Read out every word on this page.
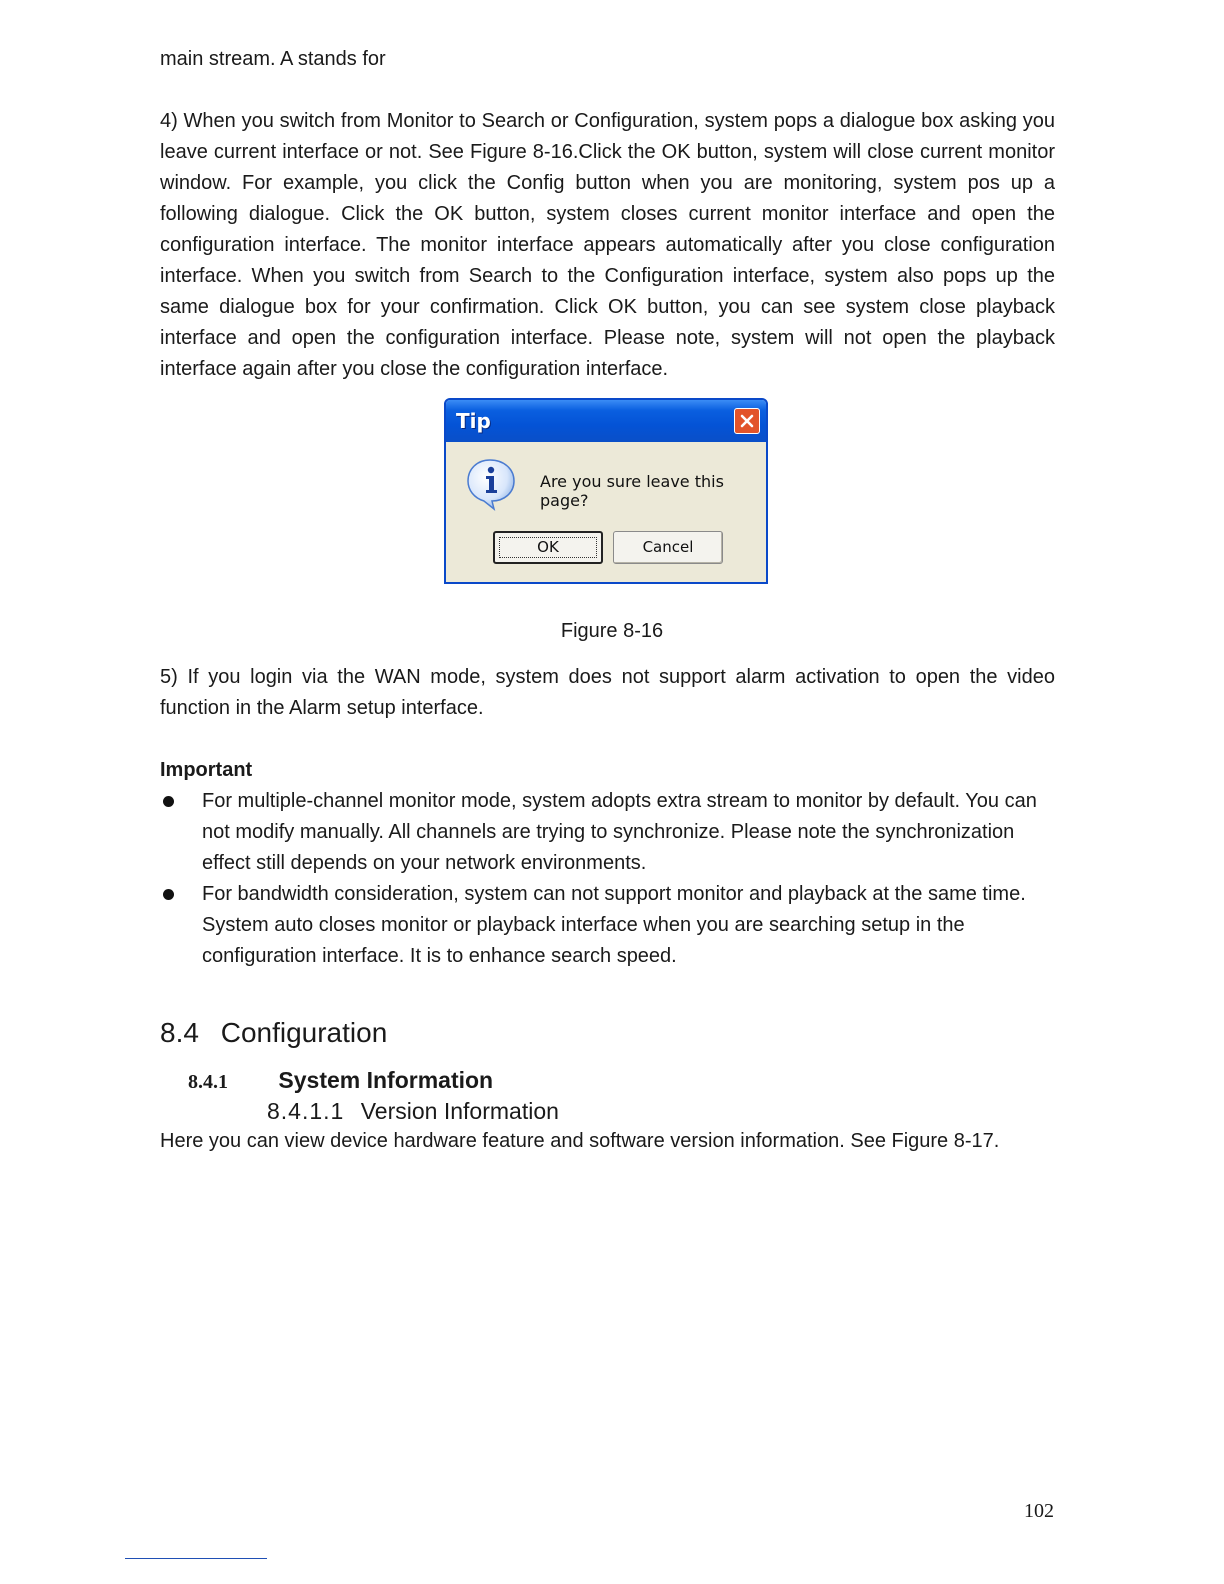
main stream. A stands for

4) When you switch from Monitor to Search or Configuration, system pops a dialogue box asking you leave current interface or not. See Figure 8-16.Click the OK button, system will close current monitor window. For example, you click the Config button when you are monitoring, system pos up a following dialogue. Click the OK button, system closes current monitor interface and open the configuration interface. The monitor interface appears automatically after you close configuration interface. When you switch from Search to the Configuration interface, system also pops up the same dialogue box for your confirmation. Click OK button, you can see system close playback interface and open the configuration interface. Please note, system will not open the playback interface again after you close the configuration interface.

Tip
Are you sure leave this page?
OK	Cancel

Figure 8-16

5) If you login via the WAN mode, system does not support alarm activation to open the video function in the Alarm setup interface.

Important

For multiple-channel monitor mode, system adopts extra stream to monitor by default. You can not modify manually. All channels are trying to synchronize. Please note the synchronization effect still depends on your network environments.
For bandwidth consideration, system can not support monitor and playback at the same time. System auto closes monitor or playback interface when you are searching setup in the configuration interface. It is to enhance search speed.
8.4 Configuration
8.4.1 System Information
8.4.1.1 Version Information

Here you can view device hardware feature and software version information. See Figure 8-17.

102
